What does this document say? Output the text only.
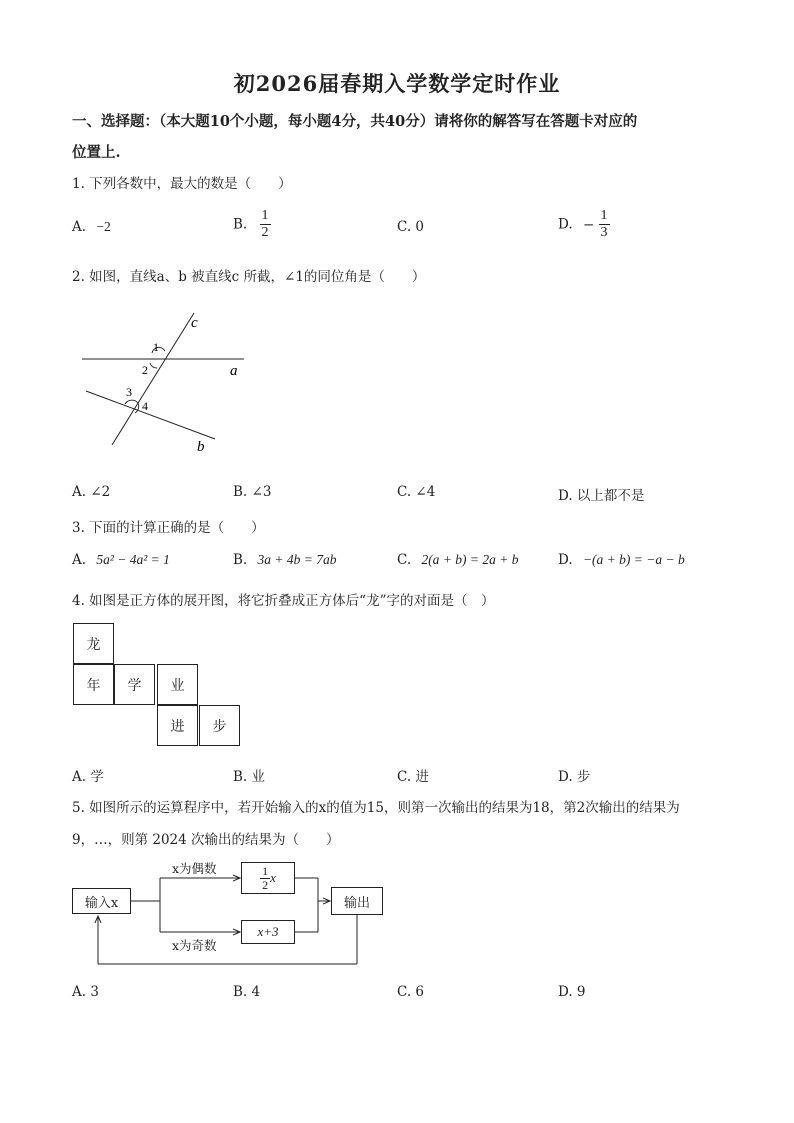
初2026届春期入学数学定时作业
一、选择题：（本大题10个小题，每小题4分，共40分）请将你的解答写在答题卡对应的
位置上.
1. 下列各数中，最大的数是（　　）
A. −2	B. $\frac{1}{2}$	C. 0	D. − $\frac{1}{3}$
2. 如图，直线a、b 被直线c 所截，∠1的同位角是（　　）
c
a
b
1
2
3
4
A. ∠2	B. ∠3	C. ∠4	D. 以上都不是
3. 下面的计算正确的是（　　）
A. 5a² − 4a² = 1	B. 3a + 4b = 7ab	C. 2(a + b) = 2a + b	D. −(a + b) = −a − b
4. 如图是正方体的展开图，将它折叠成正方体后“龙”字的对面是（　）
龙
年	学	业
进	步
A. 学	B. 业	C. 进	D. 步
5. 如图所示的运算程序中，若开始输入的x的值为15，则第一次输出的结果为18，第2次输出的结果为
9，…，则第 2024 次输出的结果为（　　）
输入x
x为偶数	$\frac{1}{2}$ x
x+3
x为奇数
输出
A. 3	B. 4	C. 6	D. 9
